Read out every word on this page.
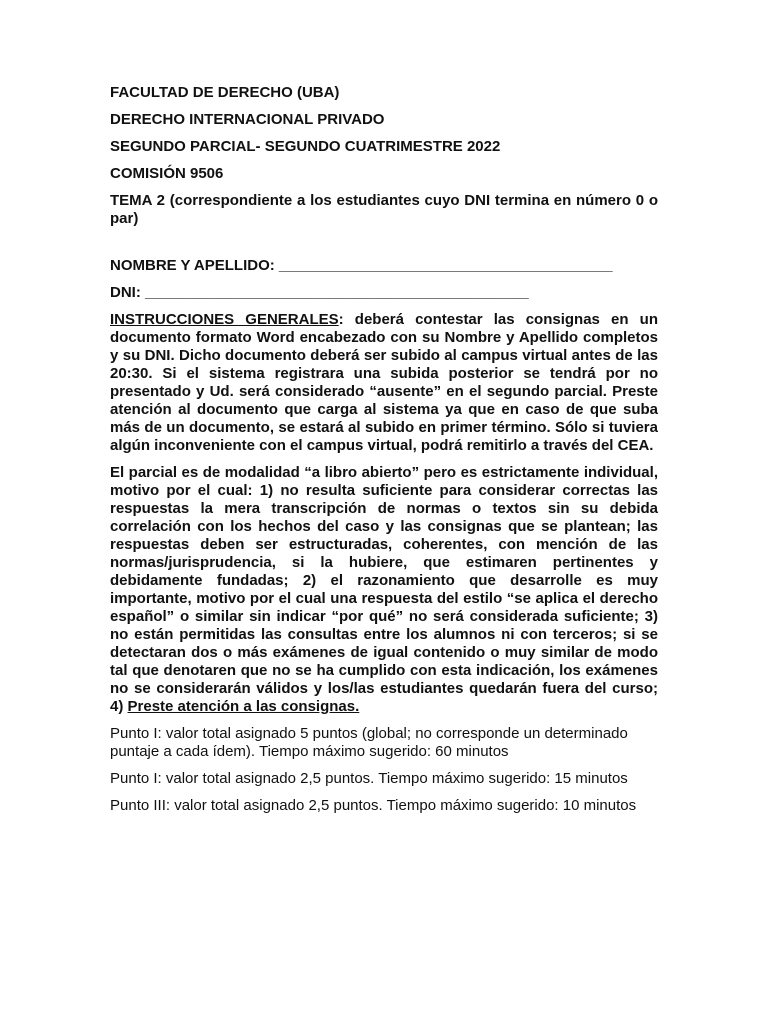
FACULTAD DE DERECHO (UBA)

DERECHO INTERNACIONAL PRIVADO

SEGUNDO PARCIAL- SEGUNDO CUATRIMESTRE 2022

COMISIÓN 9506

TEMA 2 (correspondiente a los estudiantes cuyo DNI termina en número 0 o par)

NOMBRE Y APELLIDO: ________________________________________

DNI: ______________________________________________

INSTRUCCIONES GENERALES: deberá contestar las consignas en un documento formato Word encabezado con su Nombre y Apellido completos y su DNI. Dicho documento deberá ser subido al campus virtual antes de las 20:30. Si el sistema registrara una subida posterior se tendrá por no presentado y Ud. será considerado “ausente” en el segundo parcial. Preste atención al documento que carga al sistema ya que en caso de que suba más de un documento, se estará al subido en primer término. Sólo si tuviera algún inconveniente con el campus virtual, podrá remitirlo a través del CEA.

El parcial es de modalidad “a libro abierto” pero es estrictamente individual, motivo por el cual: 1) no resulta suficiente para considerar correctas las respuestas la mera transcripción de normas o textos sin su debida correlación con los hechos del caso y las consignas que se plantean; las respuestas deben ser estructuradas, coherentes, con mención de las normas/jurisprudencia, si la hubiere, que estimaren pertinentes y debidamente fundadas; 2) el razonamiento que desarrolle es muy importante, motivo por el cual una respuesta del estilo “se aplica el derecho español” o similar sin indicar “por qué” no será considerada suficiente; 3) no están permitidas las consultas entre los alumnos ni con terceros; si se detectaran dos o más exámenes de igual contenido o muy similar de modo tal que denotaren que no se ha cumplido con esta indicación, los exámenes no se considerarán válidos y los/las estudiantes quedarán fuera del curso; 4) Preste atención a las consignas.

Punto I: valor total asignado 5 puntos (global; no corresponde un determinado puntaje a cada ídem). Tiempo máximo sugerido: 60 minutos

Punto I: valor total asignado 2,5 puntos. Tiempo máximo sugerido: 15 minutos

Punto III: valor total asignado 2,5 puntos. Tiempo máximo sugerido: 10 minutos
